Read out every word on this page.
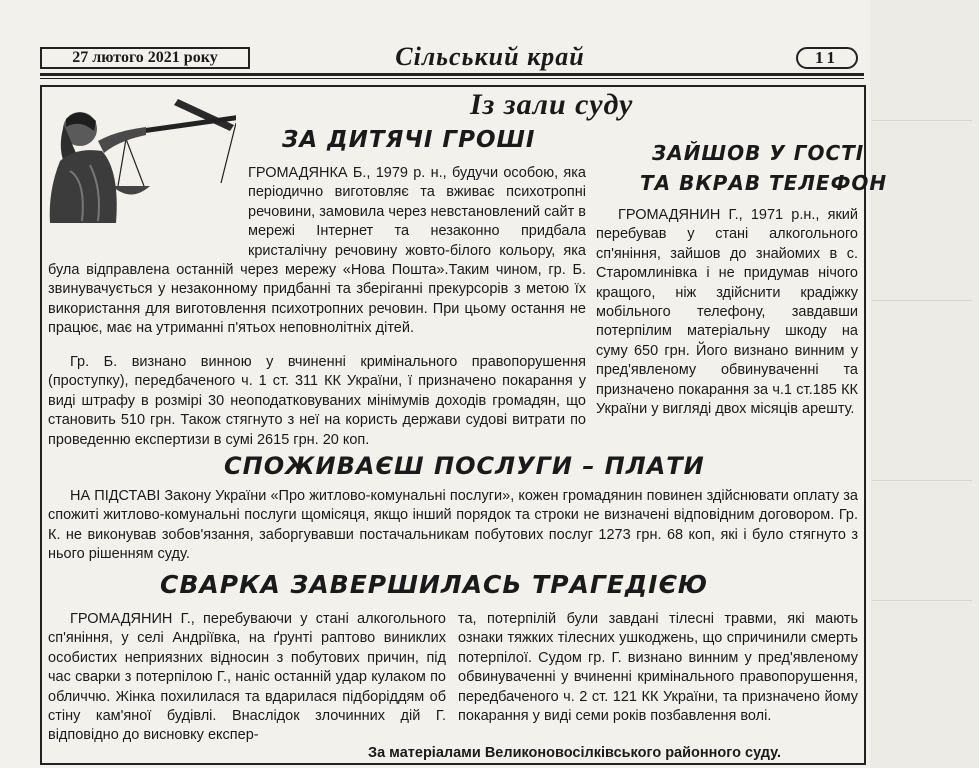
27 лютого 2021 року	Сільський край	11
Із зали суду
ЗА ДИТЯЧІ ГРОШІ

ГРОМАДЯНКА Б., 1979 р. н., будучи особою, яка періодично виготовляє та вживає психотропні речовини, замовила через невстановлений сайт в мережі Інтернет та незаконно придбала кристалічну речовину жовто-білого кольору, яка була відправлена останній через мережу «Нова Пошта».Таким чином, гр. Б. звинувачується у незаконному придбанні та зберіганні прекурсорів з метою їх використання для виготовлення психотропних речовин. При цьому остання не працює, має на утриманні п'ятьох неповнолітніх дітей.

Гр. Б. визнано винною у вчиненні кримінального правопорушення (проступку), передбаченого ч. 1 ст. 311 КК України, ї призначено покарання у виді штрафу в розмірі 30 неоподатковуваних мінімумів доходів громадян, що становить 510 грн. Також стягнуто з неї на користь держави судові витрати по проведенню експертизи в сумі 2615 грн. 20 коп.

ЗАЙШОВ У ГОСТІ
ТА ВКРАВ ТЕЛЕФОН

ГРОМАДЯНИН Г., 1971 р.н., який перебував у стані алкогольного сп'яніння, зайшов до знайомих в с. Старомлинівка і не придумав нічого кращого, ніж здійснити крадіжку мобільного телефону, завдавши потерпілим матеріальну шкоду на суму 650 грн. Його визнано винним у пред'явленому обвинуваченні та призначено покарання за ч.1 ст.185 КК України у вигляді двох місяців арешту.

СПОЖИВАЄШ ПОСЛУГИ – ПЛАТИ

НА ПІДСТАВІ Закону України «Про житлово-комунальні послуги», кожен громадянин повинен здійснювати оплату за спожиті житлово-комунальні послуги щомісяця, якщо інший порядок та строки не визначені відповідним договором. Гр. К. не виконував зобов'язання, заборгувавши постачальникам побутових послуг 1273 грн. 68 коп, які і було стягнуто з нього рішенням суду.

СВАРКА ЗАВЕРШИЛАСЬ ТРАГЕДІЄЮ

ГРОМАДЯНИН Г., перебуваючи у стані алкогольного сп'яніння, у селі Андріївка, на ґрунті раптово виниклих особистих неприязних відносин з побутових причин, під час сварки з потерпілою Г., наніс останній удар кулаком по обличчю. Жінка похилилася та вдарилася підборіддям об стіну кам'яної будівлі. Внаслідок злочинних дій Г. відповідно до висновку експер-

та, потерпілій були завдані тілесні травми, які мають ознаки тяжких тілесних ушкоджень, що спричинили смерть потерпілої. Судом гр. Г. визнано винним у пред'явленому обвинуваченні у вчиненні кримінального правопорушення, передбаченого ч. 2 ст. 121 КК України, та призначено йому покарання у виді семи років позбавлення волі.

За матеріалами Великоновосілківського районного суду.
